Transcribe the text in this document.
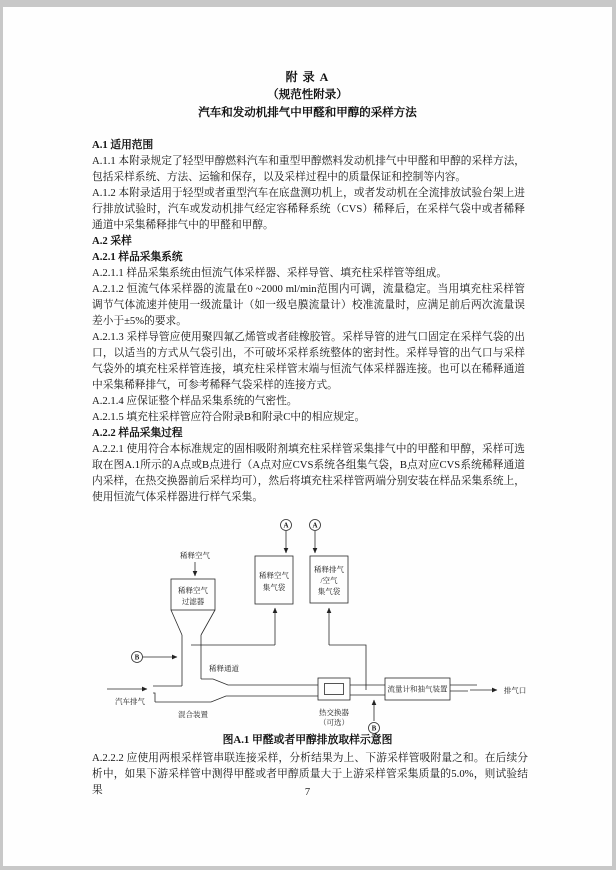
附 录 A
（规范性附录）
汽车和发动机排气中甲醛和甲醇的采样方法

A.1 适用范围

A.1.1 本附录规定了轻型甲醇燃料汽车和重型甲醇燃料发动机排气中甲醛和甲醇的采样方法，包括采样系统、方法、运输和保存，以及采样过程中的质量保证和控制等内容。

A.1.2 本附录适用于轻型或者重型汽车在底盘测功机上，或者发动机在全流排放试验台架上进行排放试验时，汽车或发动机排气经定容稀释系统（CVS）稀释后，在采样气袋中或者稀释通道中采集稀释排气中的甲醛和甲醇。

A.2 采样

A.2.1 样品采集系统

A.2.1.1 样品采集系统由恒流气体采样器、采样导管、填充柱采样管等组成。

A.2.1.2 恒流气体采样器的流量在0 ~2000 ml/min范围内可调，流量稳定。当用填充柱采样管调节气体流速并使用一级流量计（如一级皂膜流量计）校准流量时，应满足前后两次流量误差小于±5%的要求。

A.2.1.3 采样导管应使用聚四氟乙烯管或者硅橡胶管。采样导管的进气口固定在采样气袋的出口，以适当的方式从气袋引出，不可破坏采样系统整体的密封性。采样导管的出气口与采样气袋外的填充柱采样管连接，填充柱采样管末端与恒流气体采样器连接。也可以在稀释通道中采集稀释排气，可参考稀释气袋采样的连接方式。

A.2.1.4 应保证整个样品采集系统的气密性。

A.2.1.5 填充柱采样管应符合附录B和附录C中的相应规定。

A.2.2 样品采集过程

A.2.2.1 使用符合本标准规定的固相吸附剂填充柱采样管采集排气中的甲醛和甲醇，采样可选取在图A.1所示的A点或B点进行（A点对应CVS系统各组集气袋，B点对应CVS系统稀释通道内采样，在热交换器前后采样均可），然后将填充柱采样管两端分别安装在样品采集系统上，使用恒流气体采样器进行样气采集。

A	A
B
B
稀释空气
稀释空气
过滤器
稀释空气
集气袋
稀释排气
/空气
集气袋
稀释通道
汽车排气
混合装置	热交换器
（可选）
流量计和抽气装置	排气口
图A.1 甲醛或者甲醇排放取样示意图

A.2.2.2 应使用两根采样管串联连接采样，分析结果为上、下游采样管吸附量之和。在后续分析中，如果下游采样管中测得甲醛或者甲醇质量大于上游采样管采集质量的5.0%，则试验结果	7
